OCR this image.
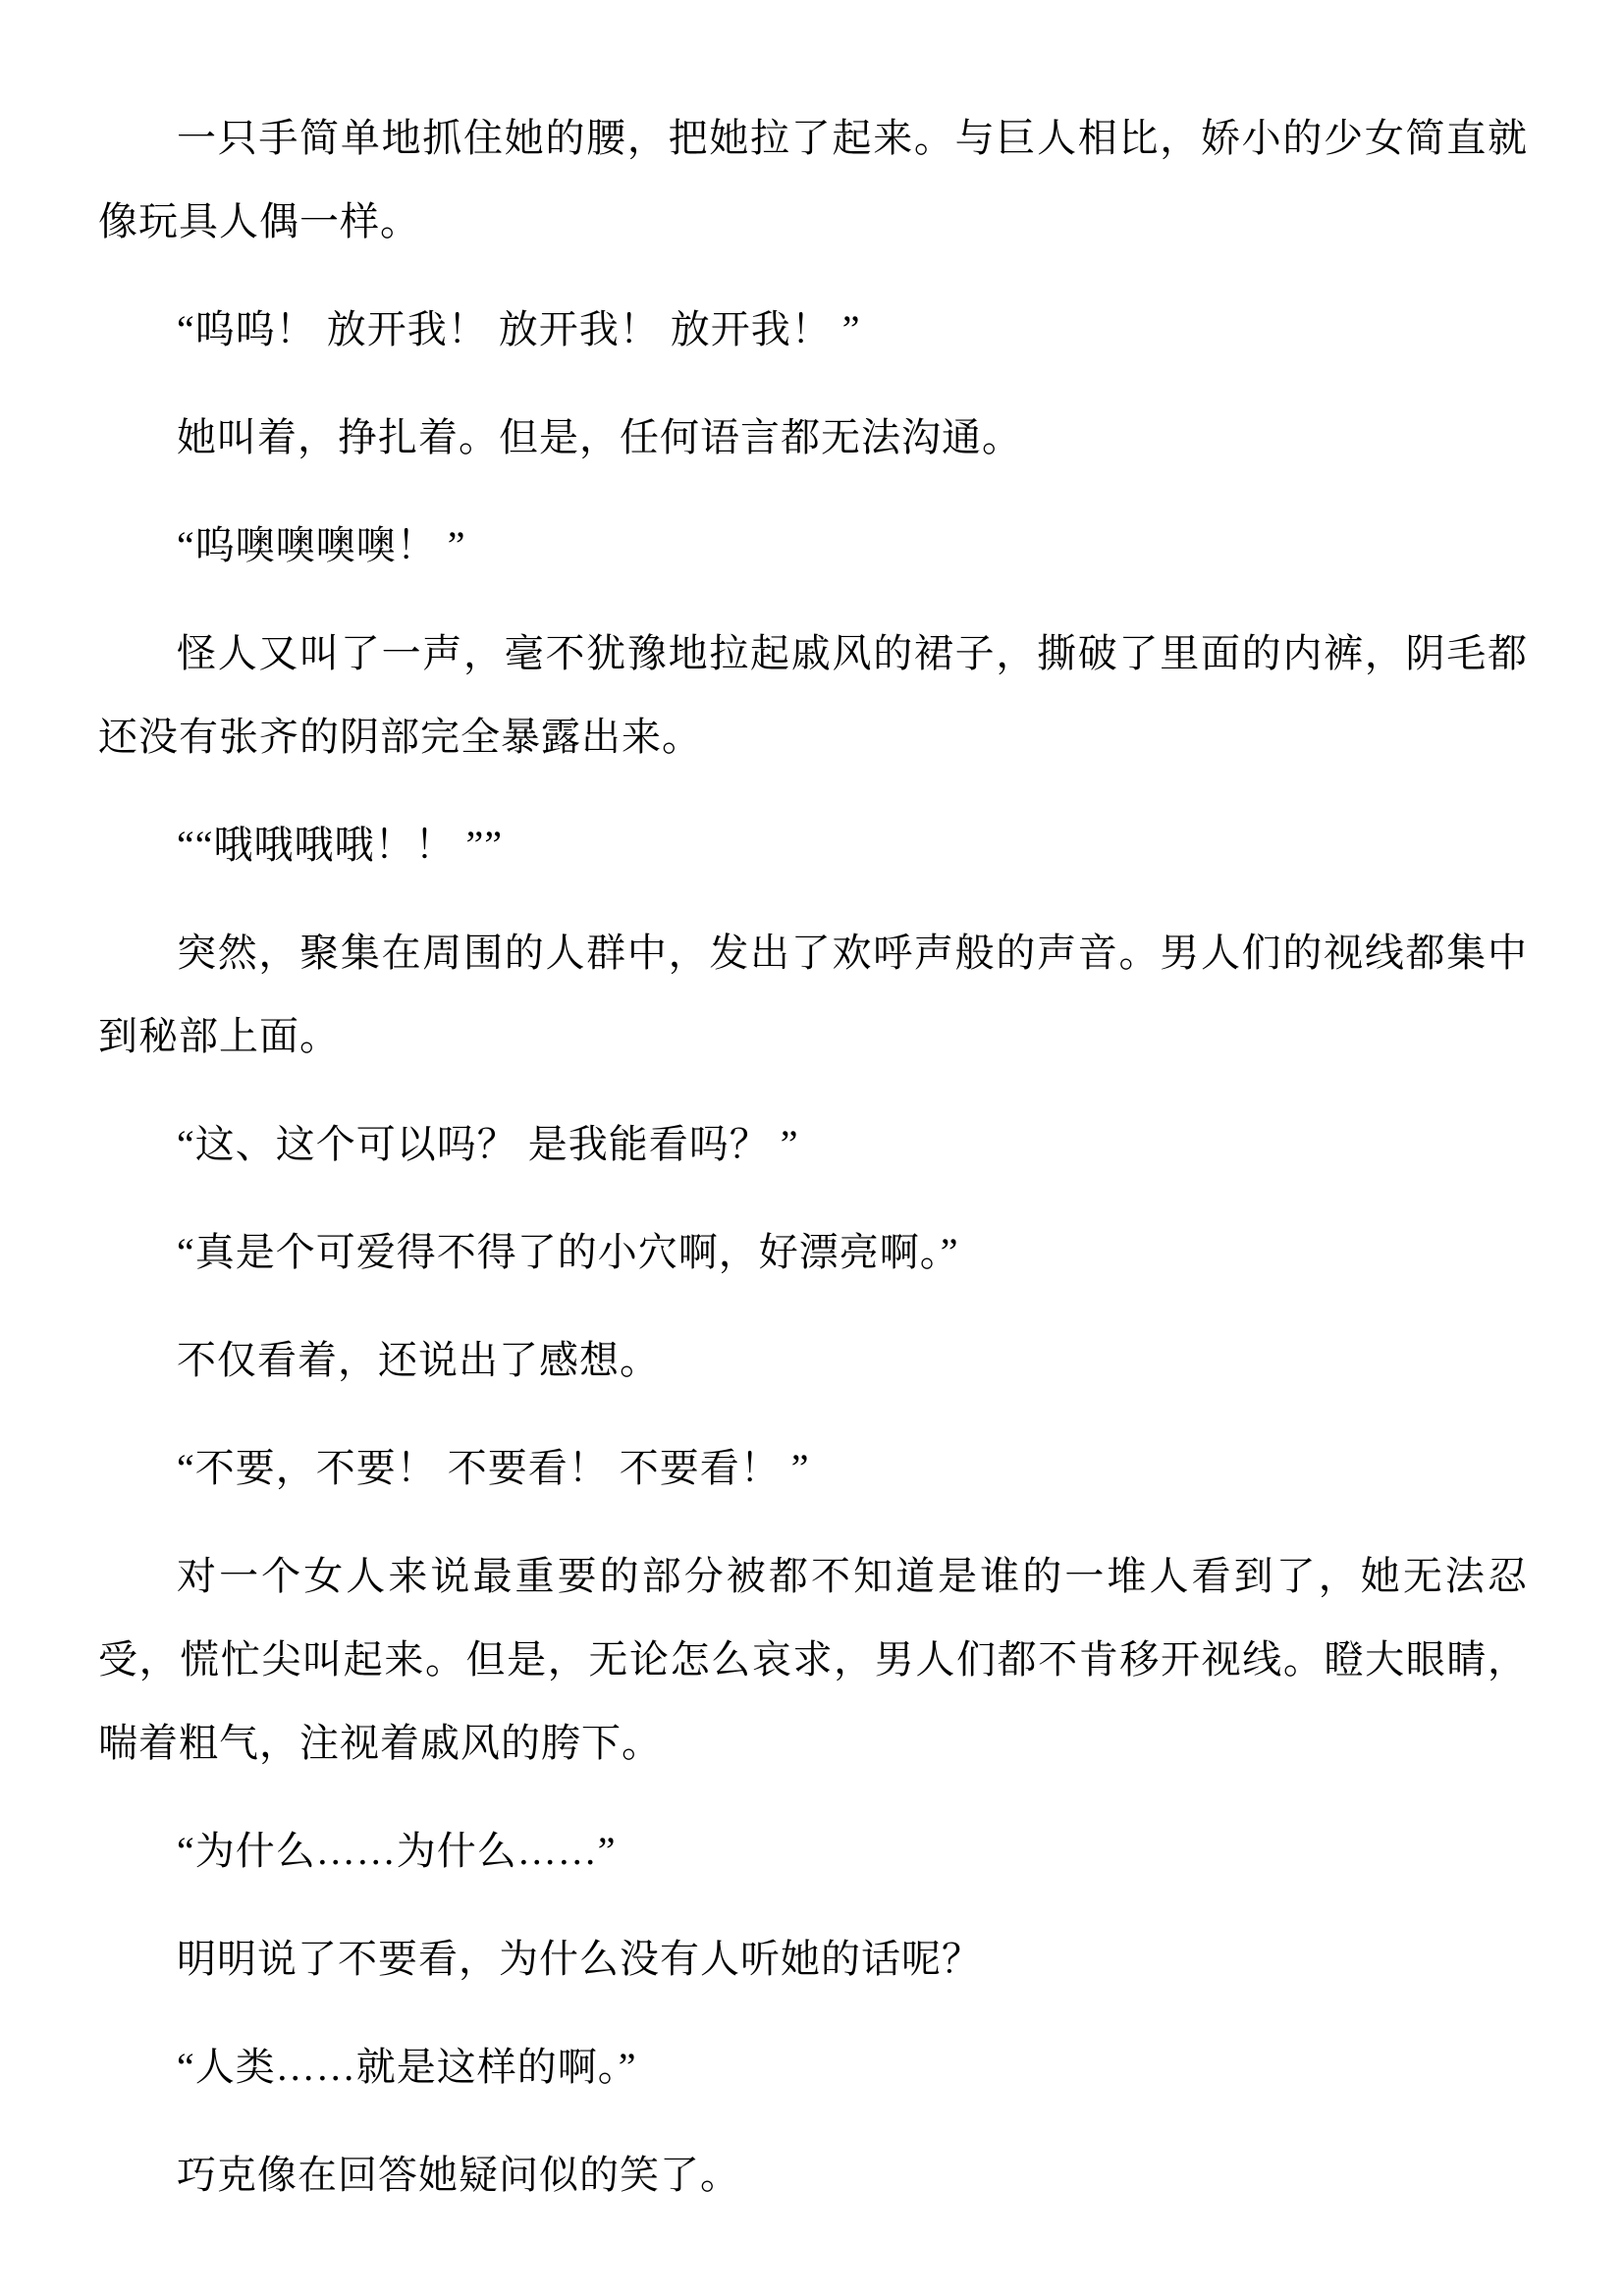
一只手简单地抓住她的腰，把她拉了起来。与巨人相比，娇小的少女简直就像玩具人偶一样。

“呜呜！ 放开我！ 放开我！ 放开我！ ”

她叫着，挣扎着。但是，任何语言都无法沟通。

“呜噢噢噢噢！ ”

怪人又叫了一声，毫不犹豫地拉起戚风的裙子，撕破了里面的内裤，阴毛都还没有张齐的阴部完全暴露出来。

““哦哦哦哦！！ ””

突然，聚集在周围的人群中，发出了欢呼声般的声音。男人们的视线都集中到秘部上面。

“这、这个可以吗？ 是我能看吗？ ”

“真是个可爱得不得了的小穴啊，好漂亮啊。”

不仅看着，还说出了感想。

“不要，不要！ 不要看！ 不要看！ ”

对一个女人来说最重要的部分被都不知道是谁的一堆人看到了，她无法忍受，慌忙尖叫起来。但是，无论怎么哀求，男人们都不肯移开视线。瞪大眼睛，喘着粗气，注视着戚风的胯下。

“为什么……为什么……”

明明说了不要看，为什么没有人听她的话呢？

“人类……就是这样的啊。”

巧克像在回答她疑问似的笑了。
